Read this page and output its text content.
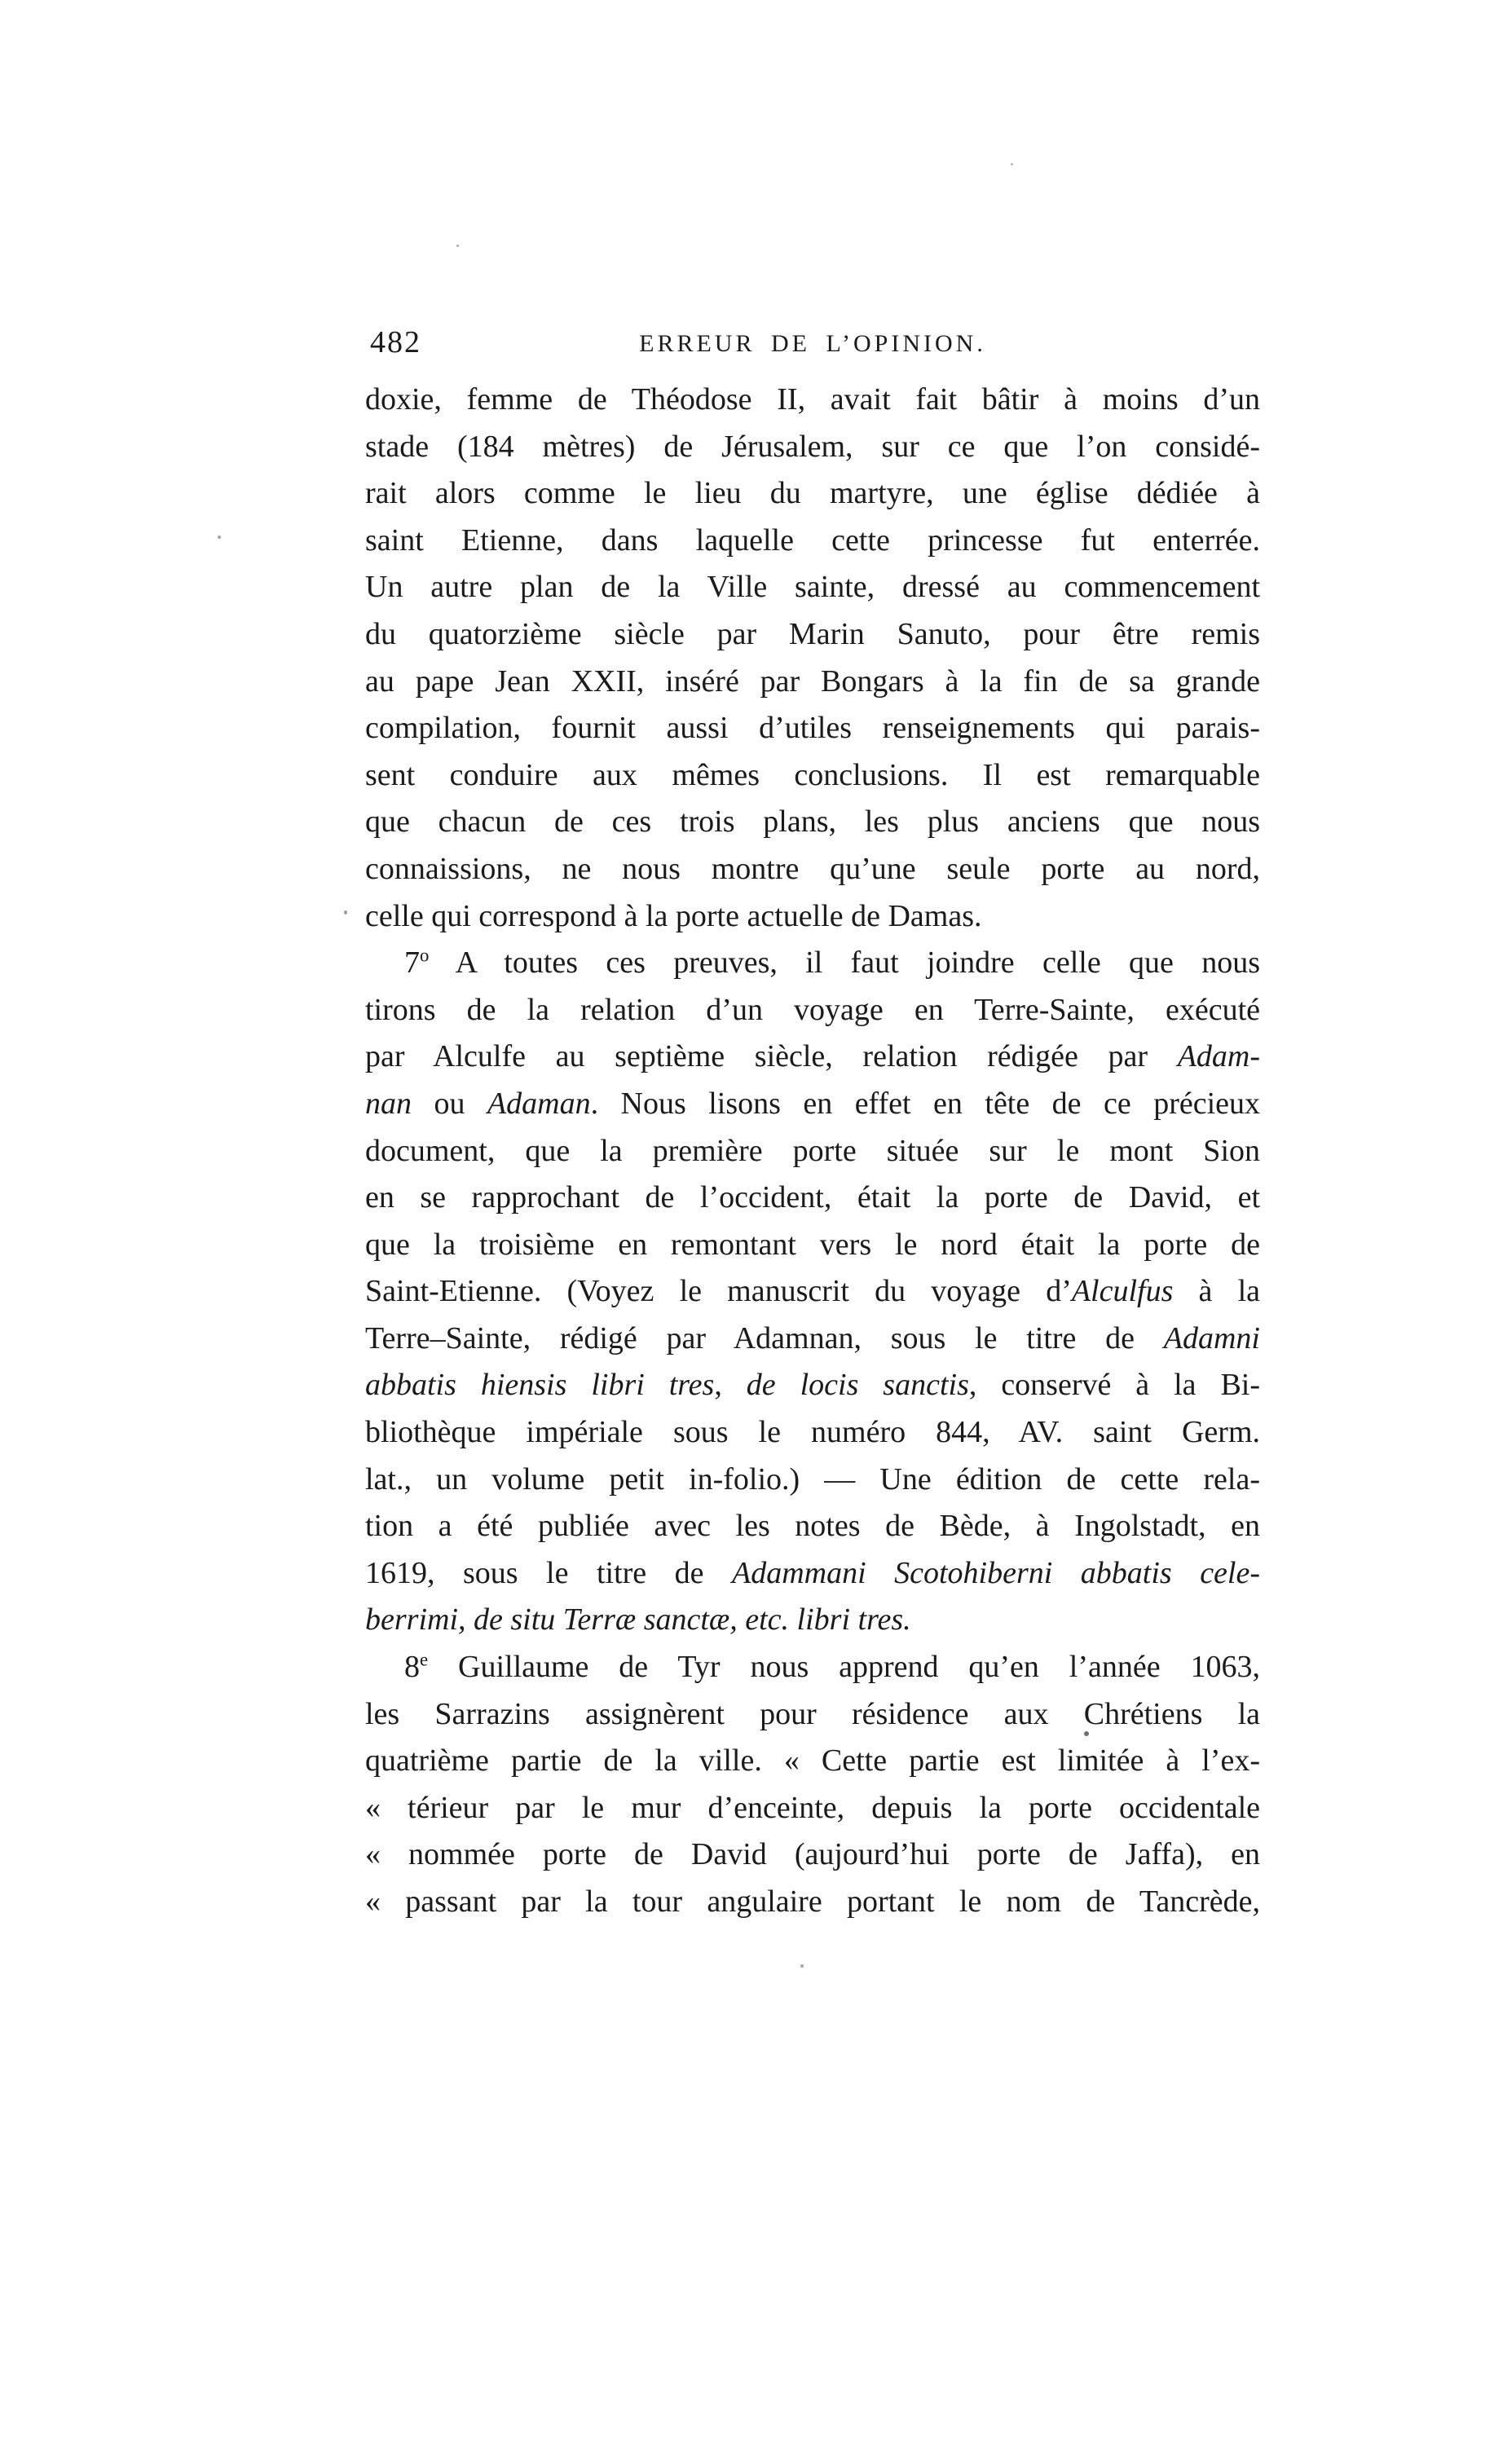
482	ERREUR DE L’OPINION.
doxie, femme de Théodose II, avait fait bâtir à moins d’un
stade (184 mètres) de Jérusalem, sur ce que l’on considé-
rait alors comme le lieu du martyre, une église dédiée à
saint Etienne, dans laquelle cette princesse fut enterrée.
Un autre plan de la Ville sainte, dressé au commencement
du quatorzième siècle par Marin Sanuto, pour être remis
au pape Jean XXII, inséré par Bongars à la fin de sa grande
compilation, fournit aussi d’utiles renseignements qui parais-
sent conduire aux mêmes conclusions. Il est remarquable
que chacun de ces trois plans, les plus anciens que nous
connaissions, ne nous montre qu’une seule porte au nord,
celle qui correspond à la porte actuelle de Damas.
7$^o$ A toutes ces preuves, il faut joindre celle que nous
tirons de la relation d’un voyage en Terre-Sainte, exécuté
par Alculfe au septième siècle, relation rédigée par Adam-
nan ou Adaman. Nous lisons en effet en tête de ce précieux
document, que la première porte située sur le mont Sion
en se rapprochant de l’occident, était la porte de David, et
que la troisième en remontant vers le nord était la porte de
Saint-Etienne. (Voyez le manuscrit du voyage d’Alculfus à la
Terre–Sainte, rédigé par Adamnan, sous le titre de Adamni
abbatis hiensis libri tres, de locis sanctis, conservé à la Bi-
bliothèque impériale sous le numéro 844, AV. saint Germ.
lat., un volume petit in-folio.) — Une édition de cette rela-
tion a été publiée avec les notes de Bède, à Ingolstadt, en
1619, sous le titre de Adammani Scotohiberni abbatis cele-
berrimi, de situ Terræ sanctæ, etc. libri tres.
8e Guillaume de Tyr nous apprend qu’en l’année 1063,
les Sarrazins assignèrent pour résidence aux Chrétiens la
quatrième partie de la ville. « Cette partie est limitée à l’ex-
« térieur par le mur d’enceinte, depuis la porte occidentale
« nommée porte de David (aujourd’hui porte de Jaffa), en
« passant par la tour angulaire portant le nom de Tancrède,
